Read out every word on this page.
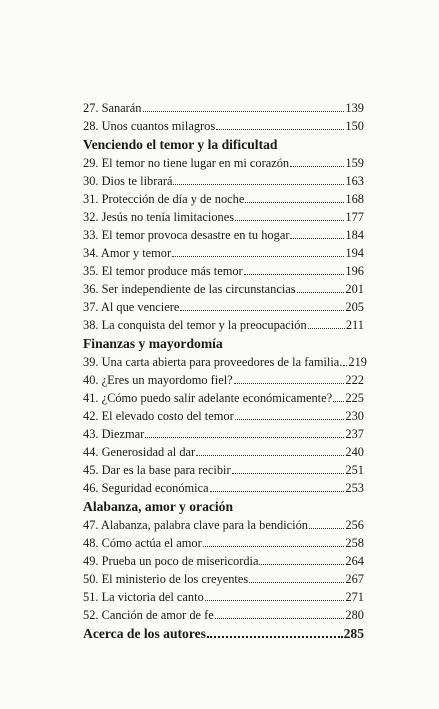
27. Sanarán	139
28. Unos cuantos milagros	150
Venciendo el temor y la dificultad
29. El temor no tiene lugar en mi corazón	159
30. Dios te librará	163
31. Protección de día y de noche	168
32. Jesús no tenía limitaciones	177
33. El temor provoca desastre en tu hogar	184
34. Amor y temor	194
35. El temor produce más temor	196
36. Ser independiente de las circunstancias	201
37. Al que venciere	205
38. La conquista del temor y la preocupación	211
Finanzas y mayordomía
39. Una carta abierta para proveedores de la familia. 219
40. ¿Eres un mayordomo fiel?	222
41. ¿Cómo puedo salir adelante económicamente? 225
42. El elevado costo del temor	230
43. Diezmar	237
44. Generosidad al dar	240
45. Dar es la base para recibir	251
46. Seguridad económica	253
Alabanza, amor y oración
47. Alabanza, palabra clave para la bendición	256
48. Cómo actúa el amor	258
49. Prueba un poco de misericordia	264
50. El ministerio de los creyentes	267
51. La victoria del canto	271
52. Canción de amor de fe	280
Acerca de los autores	285
